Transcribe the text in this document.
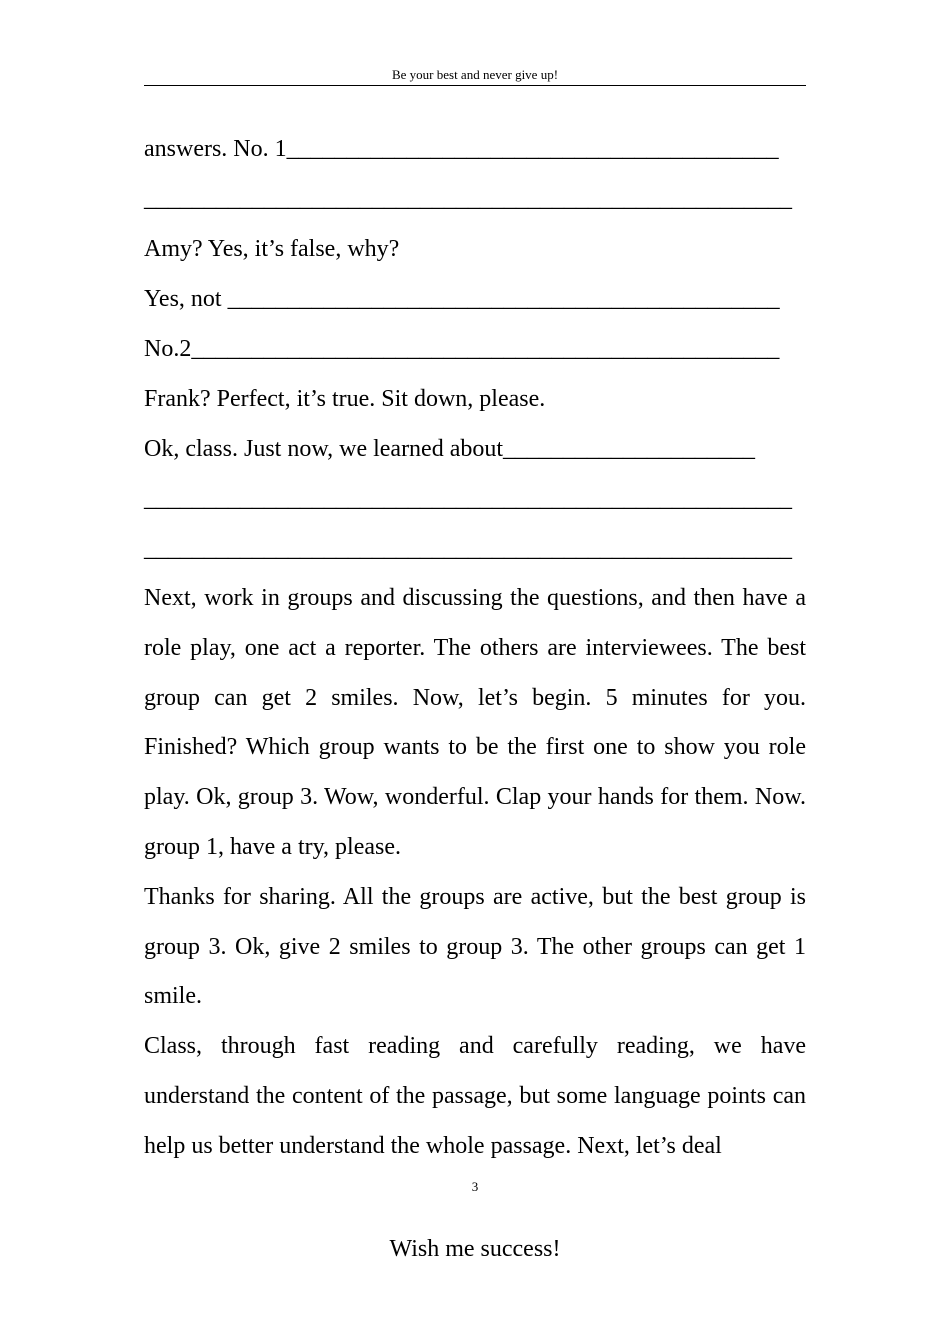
Be your best and never give up!
answers. No. 1_________________________________________
______________________________________________________
Amy? Yes, it’s false, why?
Yes, not ______________________________________________
No.2_________________________________________________
Frank? Perfect, it’s true. Sit down, please.
Ok, class. Just now, we learned about_____________________
______________________________________________________
______________________________________________________

Next, work in groups and discussing the questions, and then have a role play, one act a reporter. The others are interviewees. The best group can get 2 smiles. Now, let’s begin. 5 minutes for you. Finished? Which group wants to be the first one to show you role play. Ok, group 3. Wow, wonderful. Clap your hands for them. Now. group 1, have a try, please.

Thanks for sharing. All the groups are active, but the best group is group 3. Ok, give 2 smiles to group 3. The other groups can get 1 smile.

Class, through fast reading and carefully reading, we have understand the content of the passage, but some language points can help us better understand the whole passage. Next, let’s deal

3
Wish me success!
